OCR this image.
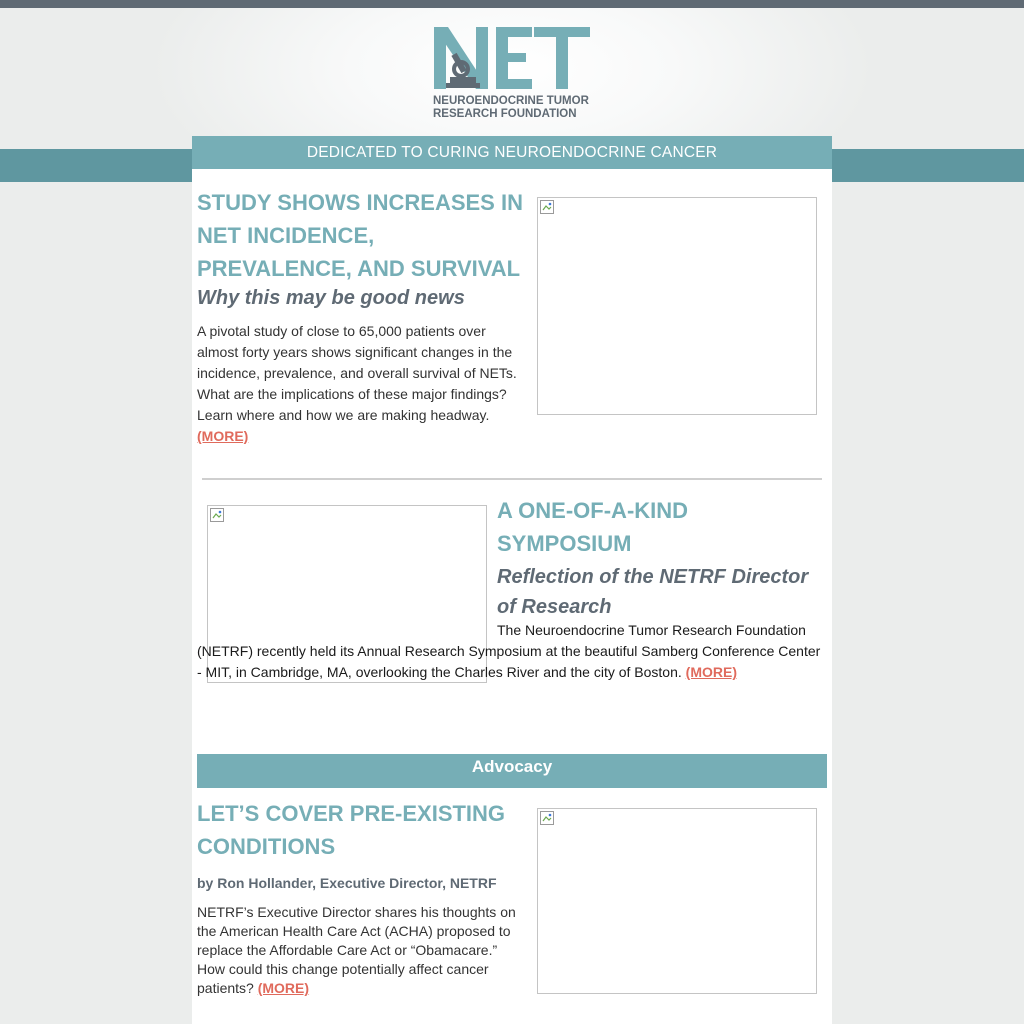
NEUROENDOCRINE TUMOR
RESEARCH FOUNDATION
DEDICATED TO CURING NEUROENDOCRINE CANCER

STUDY SHOWS INCREASES IN
NET INCIDENCE,
PREVALENCE, AND SURVIVAL

Why this may be good news

A pivotal study of close to 65,000 patients over almost forty years shows significant changes in the incidence, prevalence, and overall survival of NETs. What are the implications of these major findings? Learn where and how we are making headway.
(MORE)

A ONE-OF-A-KIND
SYMPOSIUM

Reflection of the NETRF Director of Research

The Neuroendocrine Tumor Research Foundation (NETRF) recently held its Annual Research Symposium at the beautiful Samberg Conference Center - MIT, in Cambridge, MA, overlooking the Charles River and the city of Boston. (MORE)

Advocacy

LET’S COVER PRE-EXISTING
CONDITIONS

by Ron Hollander, Executive Director, NETRF

NETRF’s Executive Director shares his thoughts on the American Health Care Act (ACHA) proposed to replace the Affordable Care Act or “Obamacare.” How could this change potentially affect cancer patients? (MORE)
